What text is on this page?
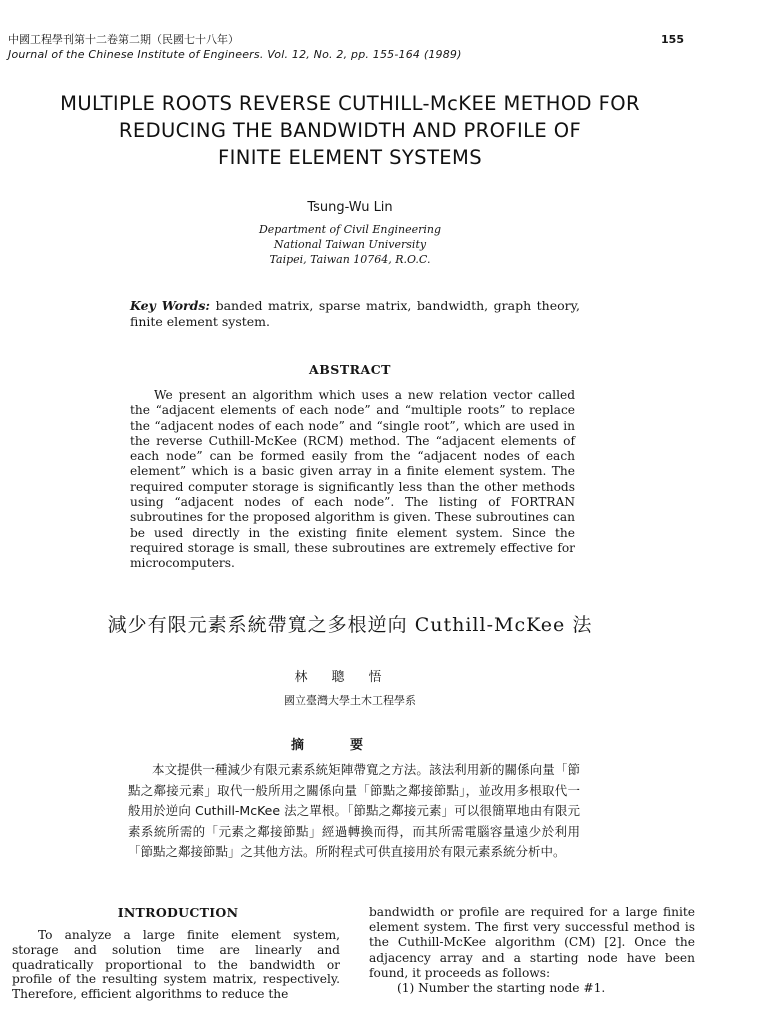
中國工程學刊第十二卷第二期（民國七十八年）
Journal of the Chinese Institute of Engineers. Vol. 12, No. 2, pp. 155-164 (1989)
155
MULTIPLE ROOTS REVERSE CUTHILL-McKEE METHOD FOR
REDUCING THE BANDWIDTH AND PROFILE OF
FINITE ELEMENT SYSTEMS
Tsung-Wu Lin
Department of Civil Engineering
National Taiwan University
Taipei, Taiwan 10764, R.O.C.
Key Words: banded matrix, sparse matrix, bandwidth, graph theory, finite element system.
ABSTRACT
We present an algorithm which uses a new relation vector called the “adjacent elements of each node” and “multiple roots” to replace the “adjacent nodes of each node” and “single root”, which are used in the reverse Cuthill-McKee (RCM) method. The “adjacent elements of each node” can be formed easily from the “adjacent nodes of each element” which is a basic given array in a finite element system. The required computer storage is significantly less than the other methods using “adjacent nodes of each node”. The listing of FORTRAN subroutines for the proposed algorithm is given. These subroutines can be used directly in the existing finite element system. Since the required storage is small, these subroutines are extremely effective for microcomputers.
減少有限元素系統帶寬之多根逆向 Cuthill-McKee 法
林聰悟
國立臺灣大學土木工程學系
摘要
本文提供一種減少有限元素系統矩陣帶寬之方法。該法利用新的關係向量「節點之鄰接元素」取代一般所用之關係向量「節點之鄰接節點」，並改用多根取代一般用於逆向 Cuthill-McKee 法之單根。「節點之鄰接元素」可以很簡單地由有限元素系統所需的「元素之鄰接節點」經過轉換而得，而其所需電腦容量遠少於利用「節點之鄰接節點」之其他方法。所附程式可供直接用於有限元素系統分析中。
INTRODUCTION
To analyze a large finite element system, storage and solution time are linearly and quadratically proportional to the bandwidth or profile of the resulting system matrix, respectively. Therefore, efficient algorithms to reduce the
bandwidth or profile are required for a large finite element system. The first very successful method is the Cuthill-McKee algorithm (CM) [2]. Once the adjacency array and a starting node have been found, it proceeds as follows:
(1) Number the starting node #1.
